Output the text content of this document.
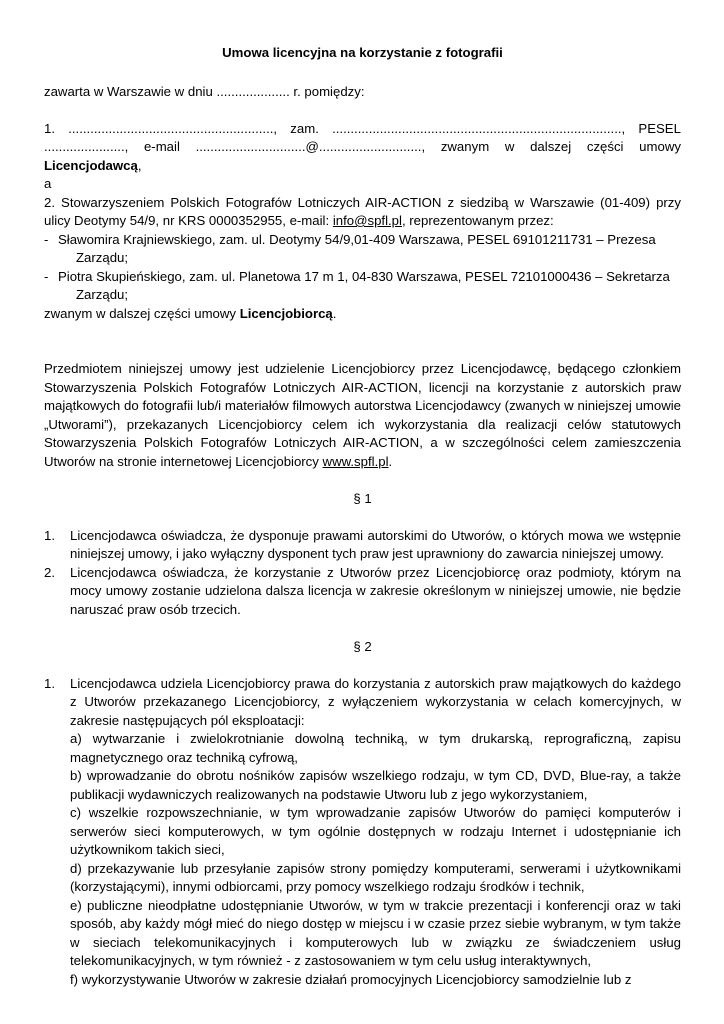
Umowa licencyjna na korzystanie z fotografii

zawarta w Warszawie w dniu .................... r. pomiędzy:

1. ........................................................, zam. ..............................................................................., PESEL
......................, e-mail ..............................@............................, zwanym w dalszej części umowy

Licencjodawcą,

a

2. Stowarzyszeniem Polskich Fotografów Lotniczych AIR-ACTION z siedzibą w Warszawie (01-409) przy ulicy Deotymy 54/9, nr KRS 0000352955, e-mail: info@spfl.pl, reprezentowanym przez:

- Sławomira Krajniewskiego, zam. ul. Deotymy 54/9,01-409 Warszawa, PESEL 69101211731 – Prezesa
Zarządu;
- Piotra Skupieńskiego, zam. ul. Planetowa 17 m 1, 04-830 Warszawa, PESEL 72101000436 – Sekretarza
Zarządu;

zwanym w dalszej części umowy Licencjobiorcą.

Przedmiotem niniejszej umowy jest udzielenie Licencjobiorcy przez Licencjodawcę, będącego członkiem Stowarzyszenia Polskich Fotografów Lotniczych AIR-ACTION, licencji na korzystanie z autorskich praw majątkowych do fotografii lub/i materiałów filmowych autorstwa Licencjodawcy (zwanych w niniejszej umowie „Utworami”), przekazanych Licencjobiorcy celem ich wykorzystania dla realizacji celów statutowych Stowarzyszenia Polskich Fotografów Lotniczych AIR-ACTION, a w szczególności celem zamieszczenia Utworów na stronie internetowej Licencjobiorcy www.spfl.pl.

§ 1

1.	Licencjodawca oświadcza, że dysponuje prawami autorskimi do Utworów, o których mowa we wstępnie niniejszej umowy, i jako wyłączny dysponent tych praw jest uprawniony do zawarcia niniejszej umowy.
2.	Licencjodawca oświadcza, że korzystanie z Utworów przez Licencjobiorcę oraz podmioty, którym na mocy umowy zostanie udzielona dalsza licencja w zakresie określonym w niniejszej umowie, nie będzie naruszać praw osób trzecich.

§ 2

1.	Licencjodawca udziela Licencjobiorcy prawa do korzystania z autorskich praw majątkowych do każdego z Utworów przekazanego Licencjobiorcy, z wyłączeniem wykorzystania w celach komercyjnych, w zakresie następujących pól eksploatacji:

a) wytwarzanie i zwielokrotnianie dowolną techniką, w tym drukarską, reprograficzną, zapisu magnetycznego oraz techniką cyfrową,

b) wprowadzanie do obrotu nośników zapisów wszelkiego rodzaju, w tym CD, DVD, Blue-ray, a także publikacji wydawniczych realizowanych na podstawie Utworu lub z jego wykorzystaniem,

c) wszelkie rozpowszechnianie, w tym wprowadzanie zapisów Utworów do pamięci komputerów i serwerów sieci komputerowych, w tym ogólnie dostępnych w rodzaju Internet i udostępnianie ich użytkownikom takich sieci,

d) przekazywanie lub przesyłanie zapisów strony pomiędzy komputerami, serwerami i użytkownikami (korzystającymi), innymi odbiorcami, przy pomocy wszelkiego rodzaju środków i technik,

e) publiczne nieodpłatne udostępnianie Utworów, w tym w trakcie prezentacji i konferencji oraz w taki sposób, aby każdy mógł mieć do niego dostęp w miejscu i w czasie przez siebie wybranym, w tym także w sieciach telekomunikacyjnych i komputerowych lub w związku ze świadczeniem usług telekomunikacyjnych, w tym również - z zastosowaniem w tym celu usług interaktywnych,

f) wykorzystywanie Utworów w zakresie działań promocyjnych Licencjobiorcy samodzielnie lub z
